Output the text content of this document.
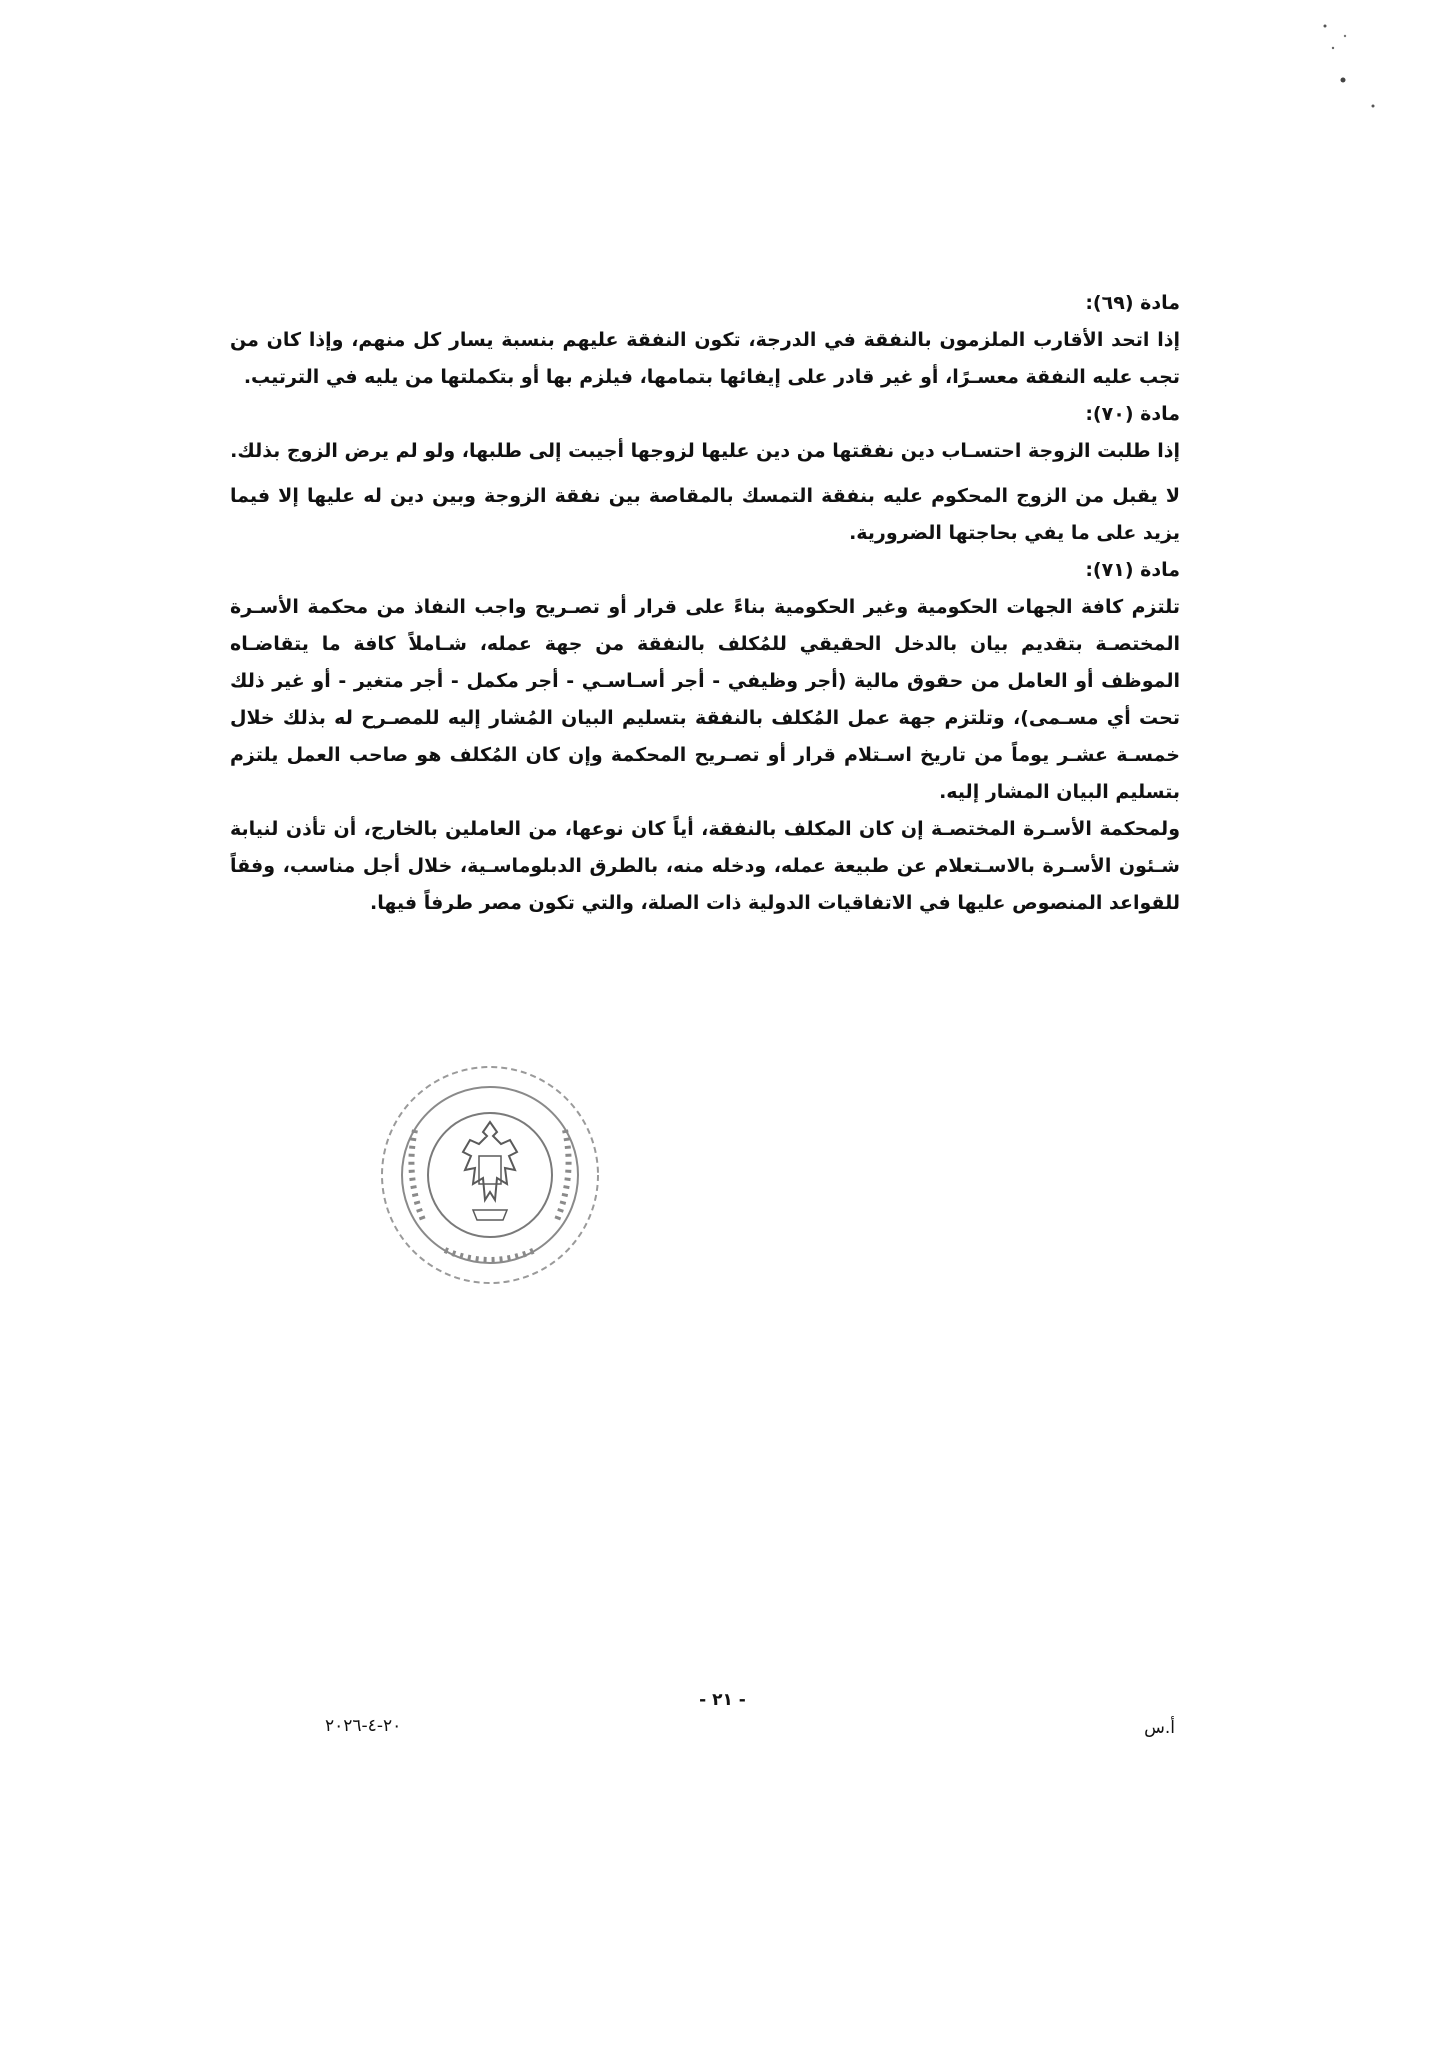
مادة (٦٩):

إذا اتحد الأقارب الملزمون بالنفقة في الدرجة، تكون النفقة عليهم بنسبة يسار كل منهم، وإذا كان من تجب عليه النفقة معسـرًا، أو غير قادر على إيفائها بتمامها، فيلزم بها أو بتكملتها من يليه في الترتيب.

مادة (٧٠):

إذا طلبت الزوجة احتسـاب دين نفقتها من دين عليها لزوجها أجيبت إلى طلبها، ولو لم يرض الزوج بذلك.

لا يقبل من الزوج المحكوم عليه بنفقة التمسك بالمقاصة بين نفقة الزوجة وبين دين له عليها إلا فيما يزيد على ما يفي بحاجتها الضرورية.

مادة (٧١):

تلتزم كافة الجهات الحكومية وغير الحكومية بناءً على قرار أو تصـريح واجب النفاذ من محكمة الأسـرة المختصـة بتقديم بيان بالدخل الحقيقي للمُكلف بالنفقة من جهة عمله، شـاملاً كافة ما يتقاضـاه الموظف أو العامل من حقوق مالية (أجر وظيفي - أجر أسـاسـي - أجر مكمل - أجر متغير - أو غير ذلك تحت أي مسـمى)، وتلتزم جهة عمل المُكلف بالنفقة بتسليم البيان المُشار إليه للمصـرح له بذلك خلال خمسـة عشـر يوماً من تاريخ اسـتلام قرار أو تصـريح المحكمة وإن كان المُكلف هو صاحب العمل يلتزم بتسليم البيان المشار إليه.

ولمحكمة الأسـرة المختصـة إن كان المكلف بالنفقة، أياً كان نوعها، من العاملين بالخارج، أن تأذن لنيابة شـئون الأسـرة بالاسـتعلام عن طبيعة عمله، ودخله منه، بالطرق الدبلوماسـية، خلال أجل مناسب، وفقاً للقواعد المنصوص عليها في الاتفاقيات الدولية ذات الصلة، والتي تكون مصر طرفاً فيها.

- ٢١ -
أ.س
٢٠-٤-٢٠٢٦
